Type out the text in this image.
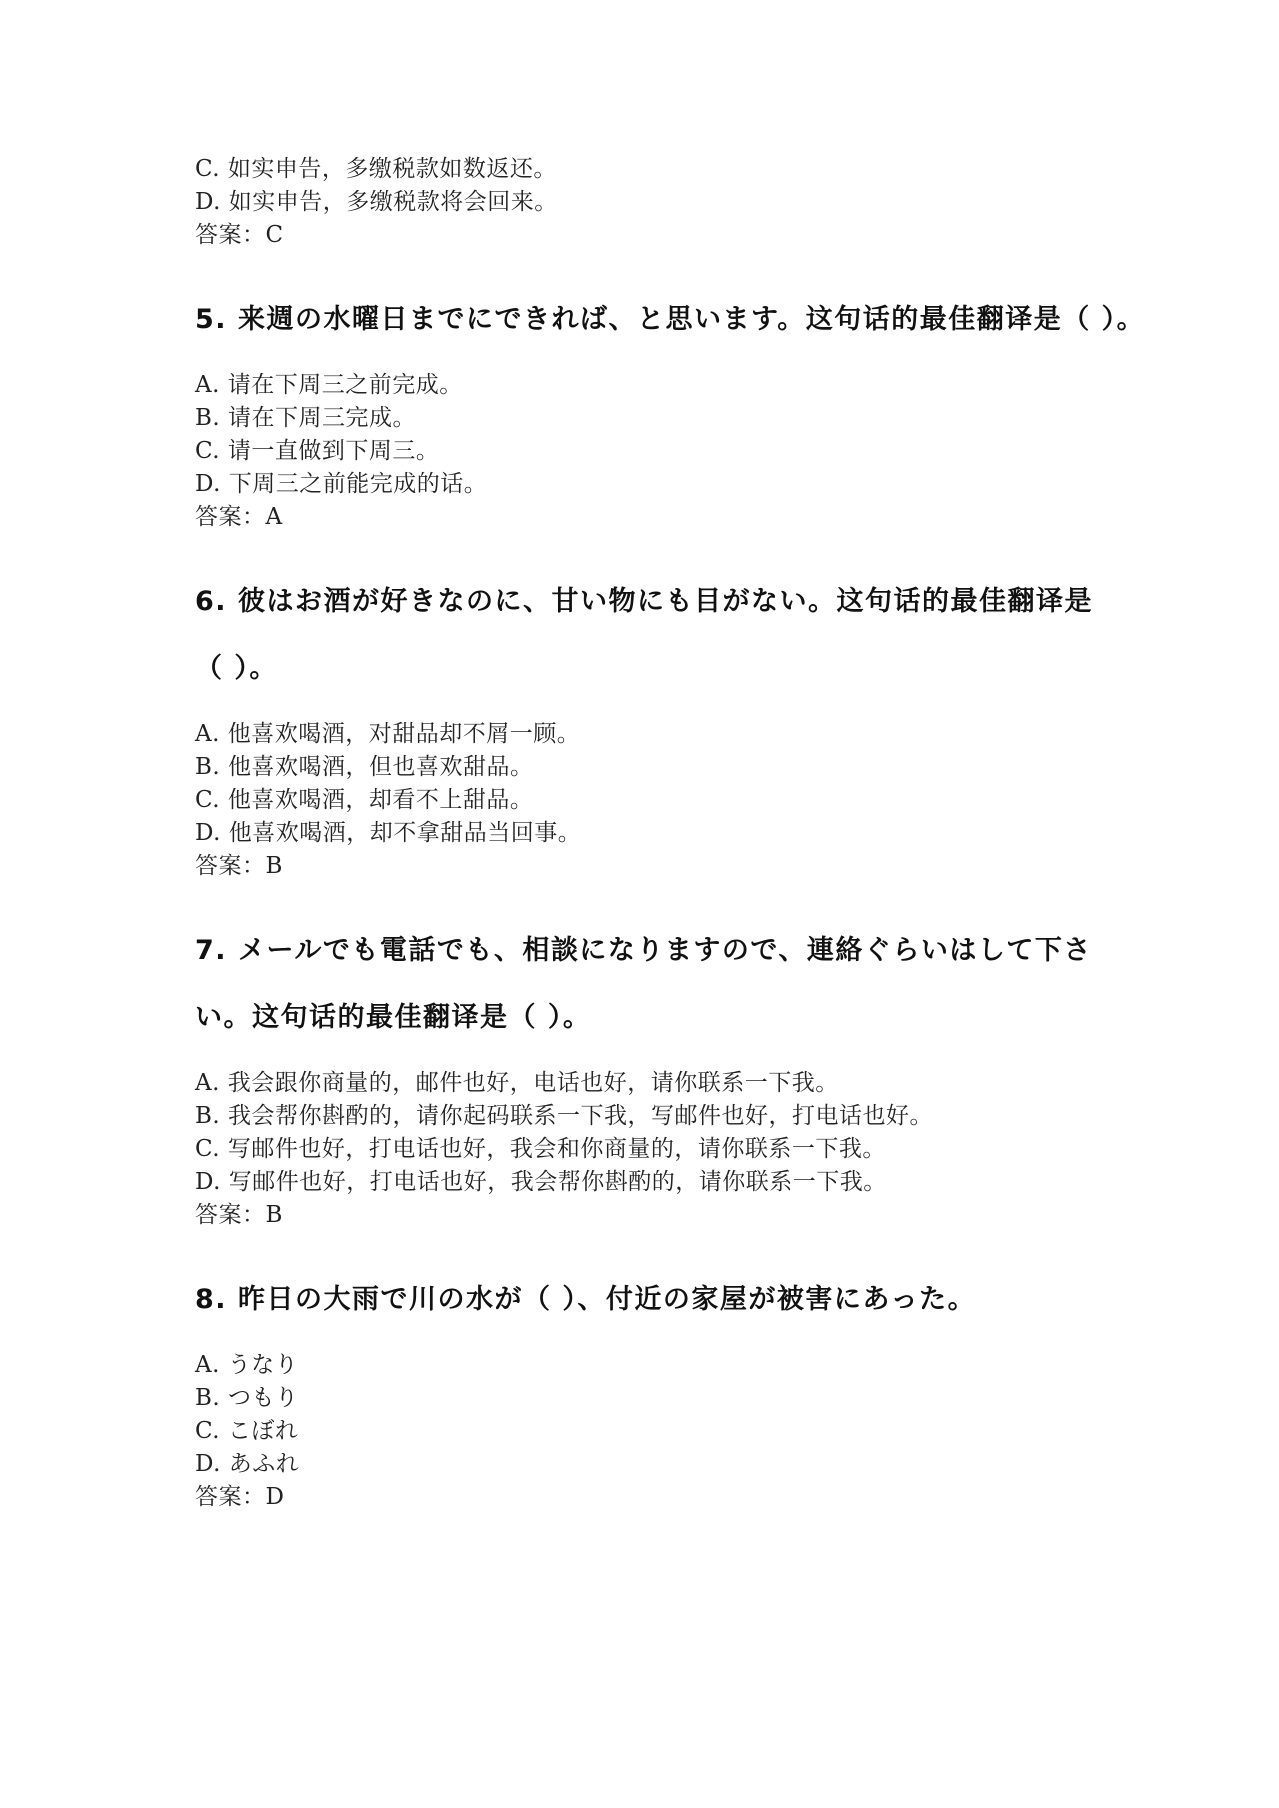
C. 如实申告，多缴税款如数返还。
D. 如实申告，多缴税款将会回来。
答案：C
5. 来週の水曜日までにできれば、と思います。这句话的最佳翻译是（ ）。
A. 请在下周三之前完成。
B. 请在下周三完成。
C. 请一直做到下周三。
D. 下周三之前能完成的话。
答案：A
6. 彼はお酒が好きなのに、甘い物にも目がない。这句话的最佳翻译是
（ ）。
A. 他喜欢喝酒，对甜品却不屑一顾。
B. 他喜欢喝酒，但也喜欢甜品。
C. 他喜欢喝酒，却看不上甜品。
D. 他喜欢喝酒，却不拿甜品当回事。
答案：B
7. メールでも電話でも、相談になりますので、連絡ぐらいはして下さ
い。这句话的最佳翻译是（ ）。
A. 我会跟你商量的，邮件也好，电话也好，请你联系一下我。
B. 我会帮你斟酌的，请你起码联系一下我，写邮件也好，打电话也好。
C. 写邮件也好，打电话也好，我会和你商量的，请你联系一下我。
D. 写邮件也好，打电话也好，我会帮你斟酌的，请你联系一下我。
答案：B
8. 昨日の大雨で川の水が（ ）、付近の家屋が被害にあった。
A. うなり
B. つもり
C. こぼれ
D. あふれ
答案：D
